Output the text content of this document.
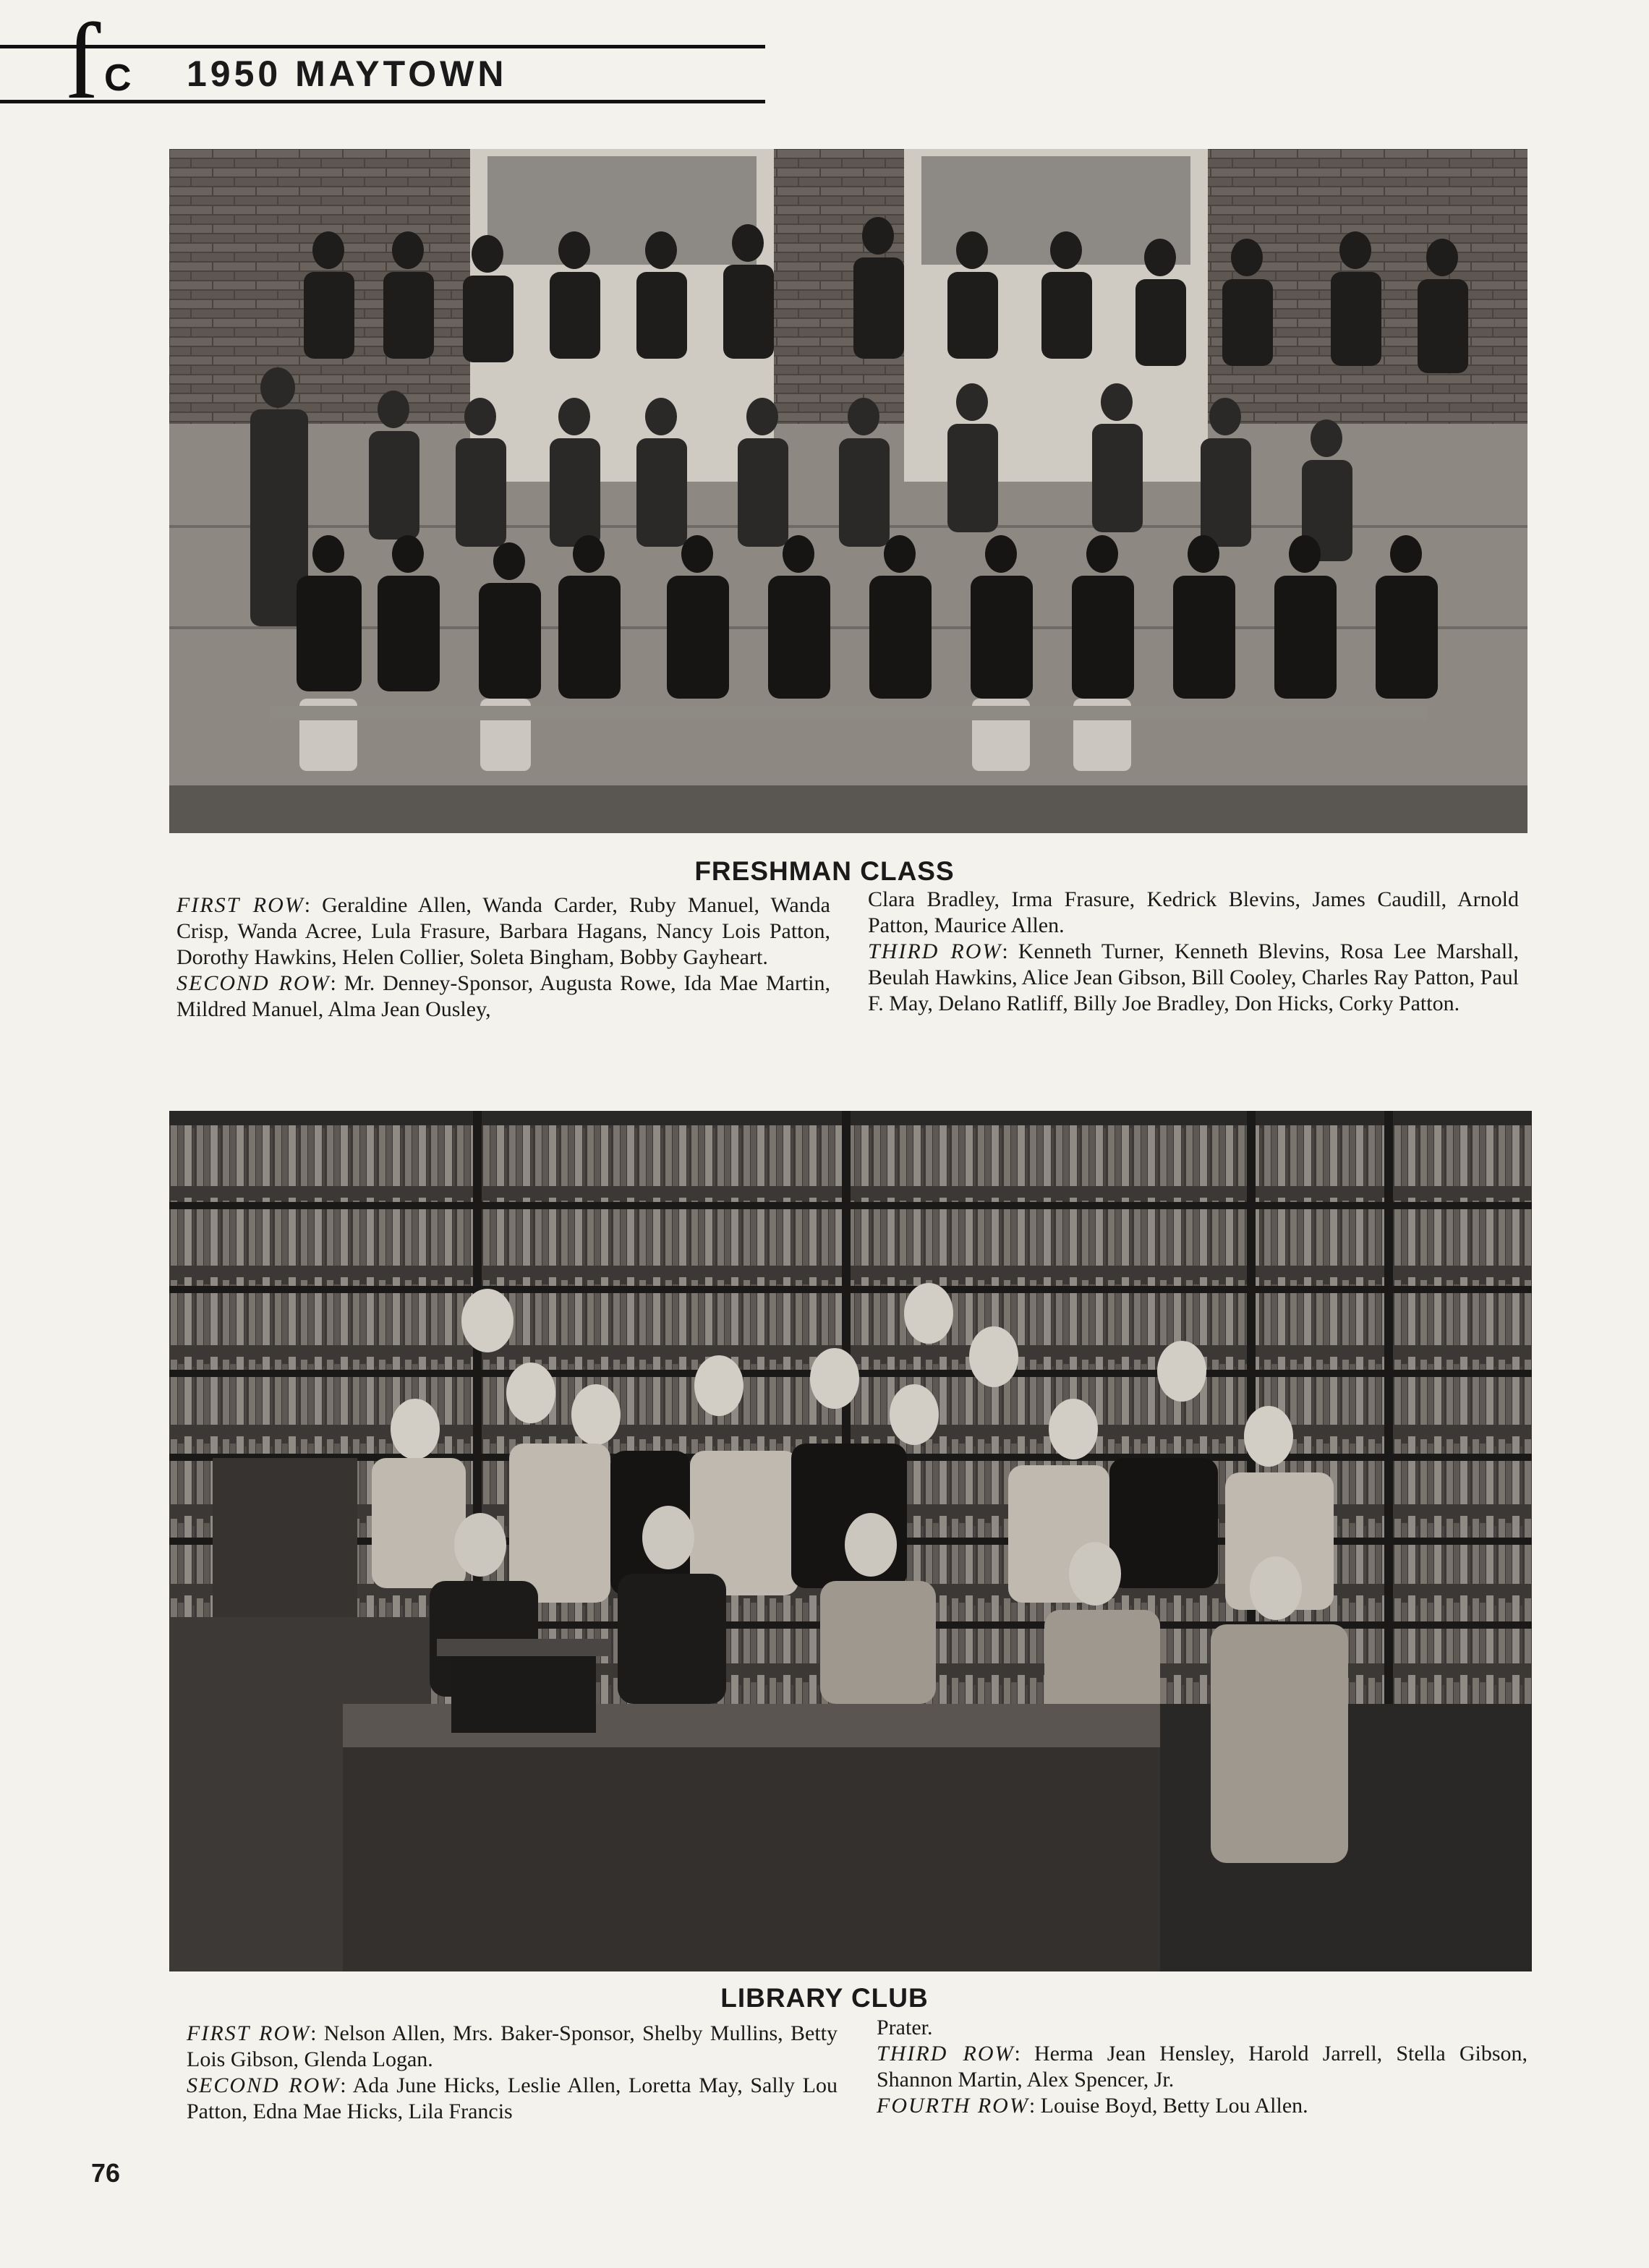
ſ C 1950 MAYTOWN
FRESHMAN CLASS
FIRST ROW: Geraldine Allen, Wanda Carder, Ruby Manuel, Wanda Crisp, Wanda Acree, Lula Frasure, Barbara Hagans, Nancy Lois Patton, Dorothy Hawkins, Helen Collier, Soleta Bingham, Bobby Gayheart.
SECOND ROW: Mr. Denney-Sponsor, Augusta Rowe, Ida Mae Martin, Mildred Manuel, Alma Jean Ousley,
Clara Bradley, Irma Frasure, Kedrick Blevins, James Caudill, Arnold Patton, Maurice Allen.
THIRD ROW: Kenneth Turner, Kenneth Blevins, Rosa Lee Marshall, Beulah Hawkins, Alice Jean Gibson, Bill Cooley, Charles Ray Patton, Paul F. May, Delano Ratliff, Billy Joe Bradley, Don Hicks, Corky Patton.
LIBRARY CLUB
FIRST ROW: Nelson Allen, Mrs. Baker-Sponsor, Shelby Mullins, Betty Lois Gibson, Glenda Logan.
SECOND ROW: Ada June Hicks, Leslie Allen, Loretta May, Sally Lou Patton, Edna Mae Hicks, Lila Francis
Prater.
THIRD ROW: Herma Jean Hensley, Harold Jarrell, Stella Gibson, Shannon Martin, Alex Spencer, Jr.
FOURTH ROW: Louise Boyd, Betty Lou Allen.
76
